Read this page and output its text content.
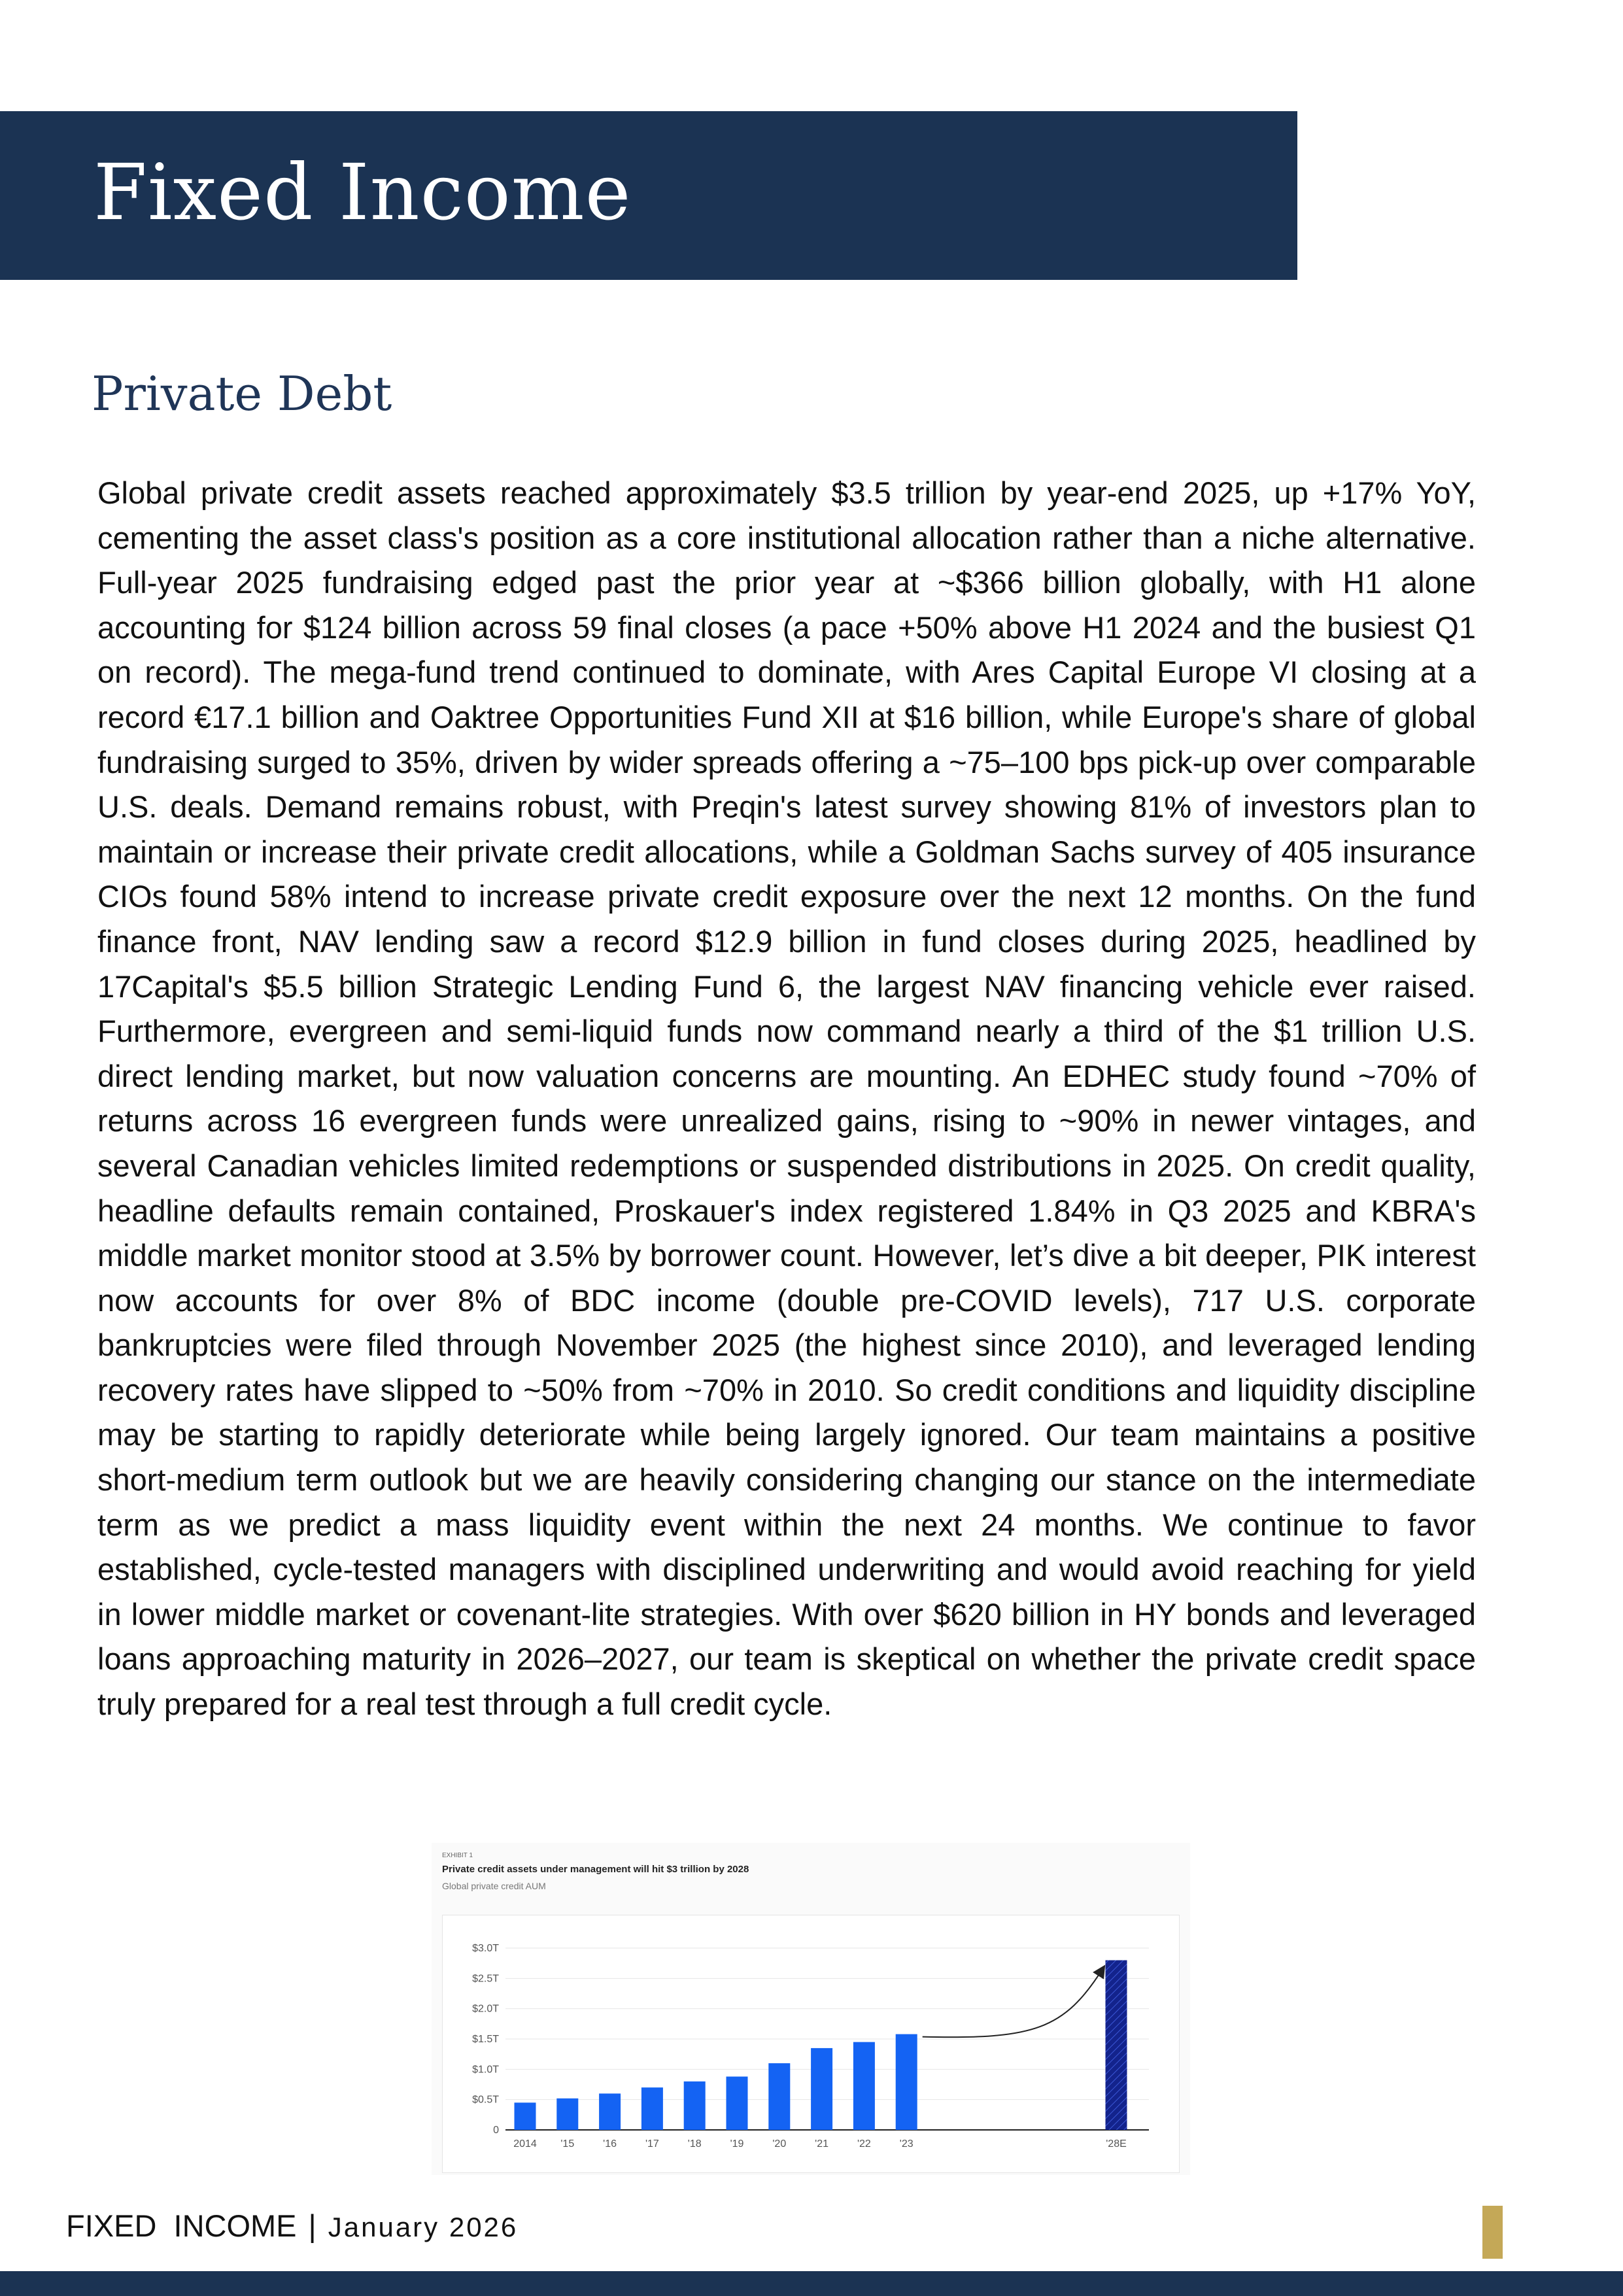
Fixed Income
Private Debt

Global private credit assets reached approximately $3.5 trillion by year-end 2025, up +17% YoY, cementing the asset class's position as a core institutional allocation rather than a niche alternative. Full-year 2025 fundraising edged past the prior year at ~$366 billion globally, with H1 alone accounting for $124 billion across 59 final closes (a pace +50% above H1 2024 and the busiest Q1 on record). The mega-fund trend continued to dominate, with Ares Capital Europe VI closing at a record €17.1 billion and Oaktree Opportunities Fund XII at $16 billion, while Europe's share of global fundraising surged to 35%, driven by wider spreads offering a ~75–100 bps pick-up over comparable U.S. deals. Demand remains robust, with Preqin's latest survey showing 81% of investors plan to maintain or increase their private credit allocations, while a Goldman Sachs survey of 405 insurance CIOs found 58% intend to increase private credit exposure over the next 12 months. On the fund finance front, NAV lending saw a record $12.9 billion in fund closes during 2025, headlined by 17Capital's $5.5 billion Strategic Lending Fund 6, the largest NAV financing vehicle ever raised. Furthermore, evergreen and semi-liquid funds now command nearly a third of the $1 trillion U.S. direct lending market, but now valuation concerns are mounting. An EDHEC study found ~70% of returns across 16 evergreen funds were unrealized gains, rising to ~90% in newer vintages, and several Canadian vehicles limited redemptions or suspended distributions in 2025. On credit quality, headline defaults remain contained, Proskauer's index registered 1.84% in Q3 2025 and KBRA's middle market monitor stood at 3.5% by borrower count. However, let’s dive a bit deeper, PIK interest now accounts for over 8% of BDC income (double pre-COVID levels), 717 U.S. corporate bankruptcies were filed through November 2025 (the highest since 2010), and leveraged lending recovery rates have slipped to ~50% from ~70% in 2010. So credit conditions and liquidity discipline may be starting to rapidly deteriorate while being largely ignored. Our team maintains a positive short-medium term outlook but we are heavily considering changing our stance on the intermediate term as we predict a mass liquidity event within the next 24 months. We continue to favor established, cycle-tested managers with disciplined underwriting and would avoid reaching for yield in lower middle market or covenant-lite strategies. With over $620 billion in HY bonds and leveraged loans approaching maturity in 2026–2027, our team is skeptical on whether the private credit space truly prepared for a real test through a full credit cycle.

EXHIBIT 1
Private credit assets under management will hit $3 trillion by 2028
Global private credit AUM
0
$0.5T
$1.0T
$1.5T
$2.0T
$2.5T
$3.0T
2014 '15	'16	'17	'18	'19	'20	'21	'22	'23	'28E
FIXED  INCOME | January 2026
